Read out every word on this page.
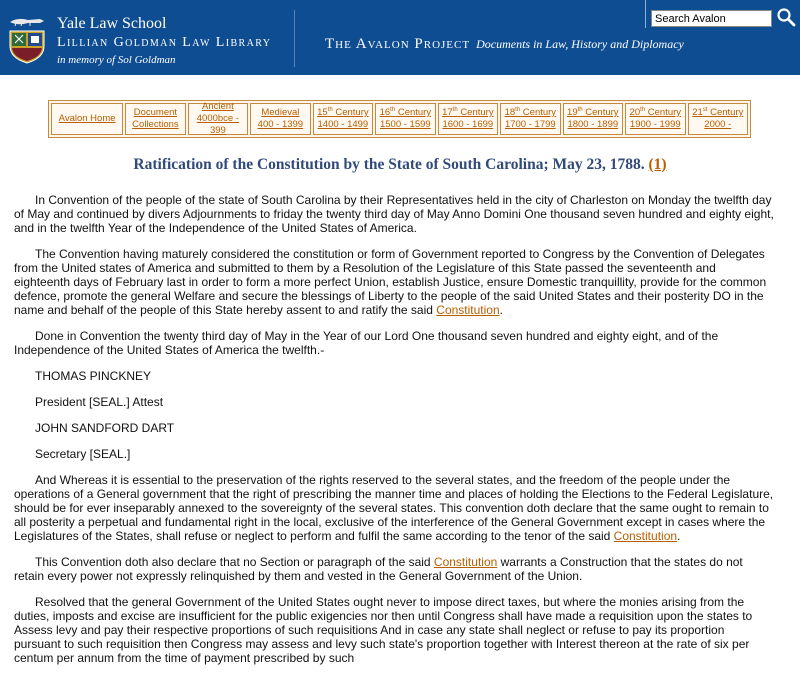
Yale Law School
Lillian Goldman Law Library
in memory of Sol Goldman
The Avalon Project Documents in Law, History and Diplomacy
Search Avalon
Avalon Home
Document
Collections
Ancient
4000bce - 399
Medieval
400 - 1399
15th Century
1400 - 1499
16th Century
1500 - 1599
17th Century
1600 - 1699
18th Century
1700 - 1799
19th Century
1800 - 1899
20th Century
1900 - 1999
21st Century
2000 -
Ratification of the Constitution by the State of South Carolina; May 23, 1788. (1)

In Convention of the people of the state of South Carolina by their Representatives held in the city of Charleston on Monday the twelfth day of May and continued by divers Adjournments to friday the twenty third day of May Anno Domini One thousand seven hundred and eighty eight, and in the twelfth Year of the Independence of the United States of America.

The Convention having maturely considered the constitution or form of Government reported to Congress by the Convention of Delegates from the United states of America and submitted to them by a Resolution of the Legislature of this State passed the seventeenth and eighteenth days of February last in order to form a more perfect Union, establish Justice, ensure Domestic tranquillity, provide for the common defence, promote the general Welfare and secure the blessings of Liberty to the people of the said United States and their posterity DO in the name and behalf of the people of this State hereby assent to and ratify the said Constitution.

Done in Convention the twenty third day of May in the Year of our Lord One thousand seven hundred and eighty eight, and of the Independence of the United States of America the twelfth.-

THOMAS PINCKNEY

President [SEAL.] Attest

JOHN SANDFORD DART

Secretary [SEAL.]

And Whereas it is essential to the preservation of the rights reserved to the several states, and the freedom of the people under the operations of a General government that the right of prescribing the manner time and places of holding the Elections to the Federal Legislature, should be for ever inseparably annexed to the sovereignty of the several states. This convention doth declare that the same ought to remain to all posterity a perpetual and fundamental right in the local, exclusive of the interference of the General Government except in cases where the Legislatures of the States, shall refuse or neglect to perform and fulfil the same according to the tenor of the said Constitution.

This Convention doth also declare that no Section or paragraph of the said Constitution warrants a Construction that the states do not retain every power not expressly relinquished by them and vested in the General Government of the Union.

Resolved that the general Government of the United States ought never to impose direct taxes, but where the monies arising from the duties, imposts and excise are insufficient for the public exigencies nor then until Congress shall have made a requisition upon the states to Assess levy and pay their respective proportions of such requisitions And in case any state shall neglect or refuse to pay its proportion pursuant to such requisition then Congress may assess and levy such state's proportion together with Interest thereon at the rate of six per centum per annum from the time of payment prescribed by such
